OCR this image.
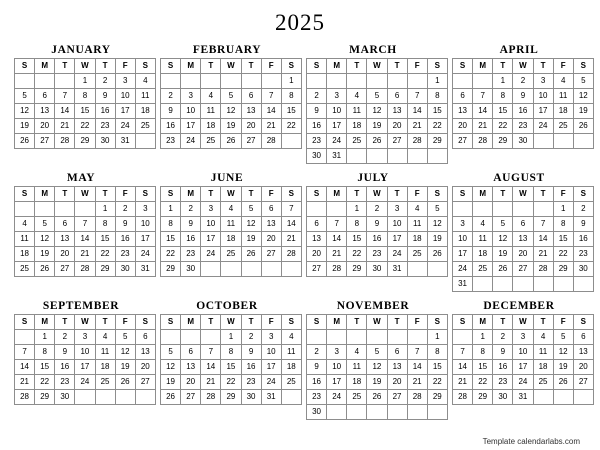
2025
JANUARY
S	M	T	W	T	F	S
			1	2	3	4
5	6	7	8	9	10	11
12	13	14	15	16	17	18
19	20	21	22	23	24	25
26	27	28	29	30	31	
FEBRUARY
S	M	T	W	T	F	S
						1
2	3	4	5	6	7	8
9	10	11	12	13	14	15
16	17	18	19	20	21	22
23	24	25	26	27	28	
MARCH
S	M	T	W	T	F	S
						1
2	3	4	5	6	7	8
9	10	11	12	13	14	15
16	17	18	19	20	21	22
23	24	25	26	27	28	29
30	31					
APRIL
S	M	T	W	T	F	S
		1	2	3	4	5
6	7	8	9	10	11	12
13	14	15	16	17	18	19
20	21	22	23	24	25	26
27	28	29	30			
MAY
S	M	T	W	T	F	S
				1	2	3
4	5	6	7	8	9	10
11	12	13	14	15	16	17
18	19	20	21	22	23	24
25	26	27	28	29	30	31
JUNE
S	M	T	W	T	F	S
1	2	3	4	5	6	7
8	9	10	11	12	13	14
15	16	17	18	19	20	21
22	23	24	25	26	27	28
29	30					
JULY
S	M	T	W	T	F	S
		1	2	3	4	5
6	7	8	9	10	11	12
13	14	15	16	17	18	19
20	21	22	23	24	25	26
27	28	29	30	31		
AUGUST
S	M	T	W	T	F	S
					1	2
3	4	5	6	7	8	9
10	11	12	13	14	15	16
17	18	19	20	21	22	23
24	25	26	27	28	29	30
31						
SEPTEMBER
S	M	T	W	T	F	S
	1	2	3	4	5	6
7	8	9	10	11	12	13
14	15	16	17	18	19	20
21	22	23	24	25	26	27
28	29	30				
OCTOBER
S	M	T	W	T	F	S
			1	2	3	4
5	6	7	8	9	10	11
12	13	14	15	16	17	18
19	20	21	22	23	24	25
26	27	28	29	30	31	
NOVEMBER
S	M	T	W	T	F	S
						1
2	3	4	5	6	7	8
9	10	11	12	13	14	15
16	17	18	19	20	21	22
23	24	25	26	27	28	29
30						
DECEMBER
S	M	T	W	T	F	S
	1	2	3	4	5	6
7	8	9	10	11	12	13
14	15	16	17	18	19	20
21	22	23	24	25	26	27
28	29	30	31			
Template calendarlabs.com
